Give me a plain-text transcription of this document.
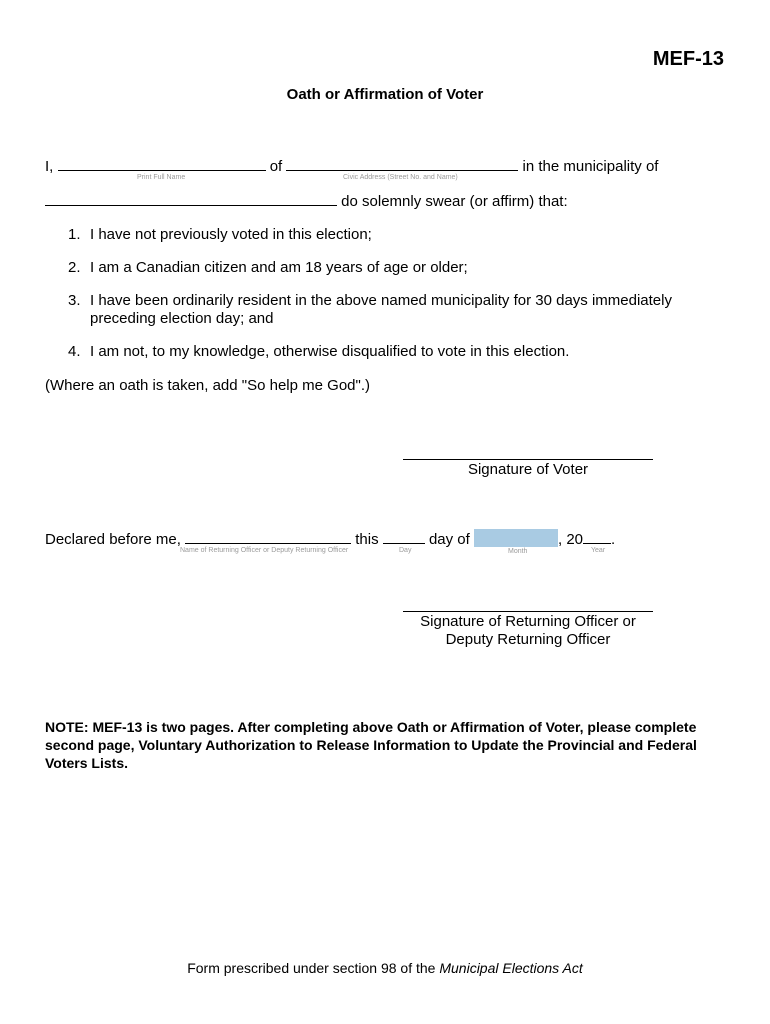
MEF-13
Oath or Affirmation of Voter
I,	of	in the municipality of
Print Full Name	Civic Address (Street No. and Name)
do solemnly swear (or affirm) that:
1. I have not previously voted in this election;
2. I am a Canadian citizen and am 18 years of age or older;
3. I have been ordinarily resident in the above named municipality for 30 days immediately
preceding election day; and
4. I am not, to my knowledge, otherwise disqualified to vote in this election.
(Where an oath is taken, add "So help me God".)
Signature of Voter
Declared before me,	this	day of	, 20 .
Name of Returning Officer or Deputy Returning Officer	Day	Month	Year
Signature of Returning Officer or
Deputy Returning Officer
NOTE: MEF-13 is two pages. After completing above Oath or Affirmation of Voter, please complete second page, Voluntary Authorization to Release Information to Update the Provincial and Federal Voters Lists.
Form prescribed under section 98 of the Municipal Elections Act
